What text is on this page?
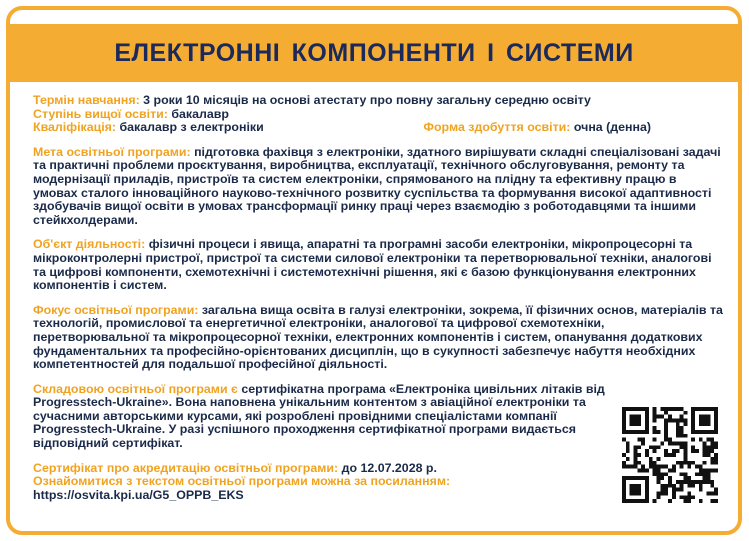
ЕЛЕКТРОННІ КОМПОНЕНТИ І СИСТЕМИ
Термін навчання: 3 роки 10 місяців на основі атестату про повну загальну середню освіту
Ступінь вищої освіти: бакалавр
Кваліфікація: бакалавр з електроніки	Форма здобуття освіти: очна (денна)

Мета освітньої програми: підготовка фахівця з електроніки, здатного вирішувати складні спеціалізовані задачі та практичні проблеми проєктування, виробництва, експлуатації, технічного обслуговування, ремонту та модернізації приладів, пристроїв та систем електроніки, спрямованого на плідну та ефективну працю в умовах сталого інноваційного науково-технічного розвитку суспільства та формування високої адаптивності здобувачів вищої освіти в умовах трансформації ринку праці через взаємодію з роботодавцями та іншими стейкхолдерами.

Об'єкт діяльності: фізичні процеси і явища, апаратні та програмні засоби електроніки, мікропроцесорні та мікроконтролерні пристрої, пристрої та системи силової електроніки та перетворювальної техніки, аналогові та цифрові компоненти, схемотехнічні і системотехнічні рішення, які є базою функціонування електронних компонентів і систем.

Фокус освітньої програми: загальна вища освіта в галузі електроніки, зокрема, її фізичних основ, матеріалів та технологій, промислової та енергетичної електроніки, аналогової та цифрової схемотехніки, перетворювальної та мікропроцесорної техніки, електронних компонентів і систем, опанування додаткових фундаментальних та професійно-орієнтованих дисциплін, що в сукупності забезпечує набуття необхідних компетентностей для подальшої професійної діяльності.

Складовою освітньої програми є сертифікатна програма «Електроніка цивільних літаків від Progresstech-Ukraine». Вона наповнена унікальним контентом з авіаційної електроніки та сучасними авторськими курсами, які розроблені провідними спеціалістами компанії Progresstech-Ukraine. У разі успішного проходження сертифікатної програми видається відповідний сертифікат.

Сертифікат про акредитацію освітньої програми: до 12.07.2028 р.
Ознайомитися з текстом освітньої програми можна за посиланням:
https://osvita.kpi.ua/G5_OPPB_EKS
